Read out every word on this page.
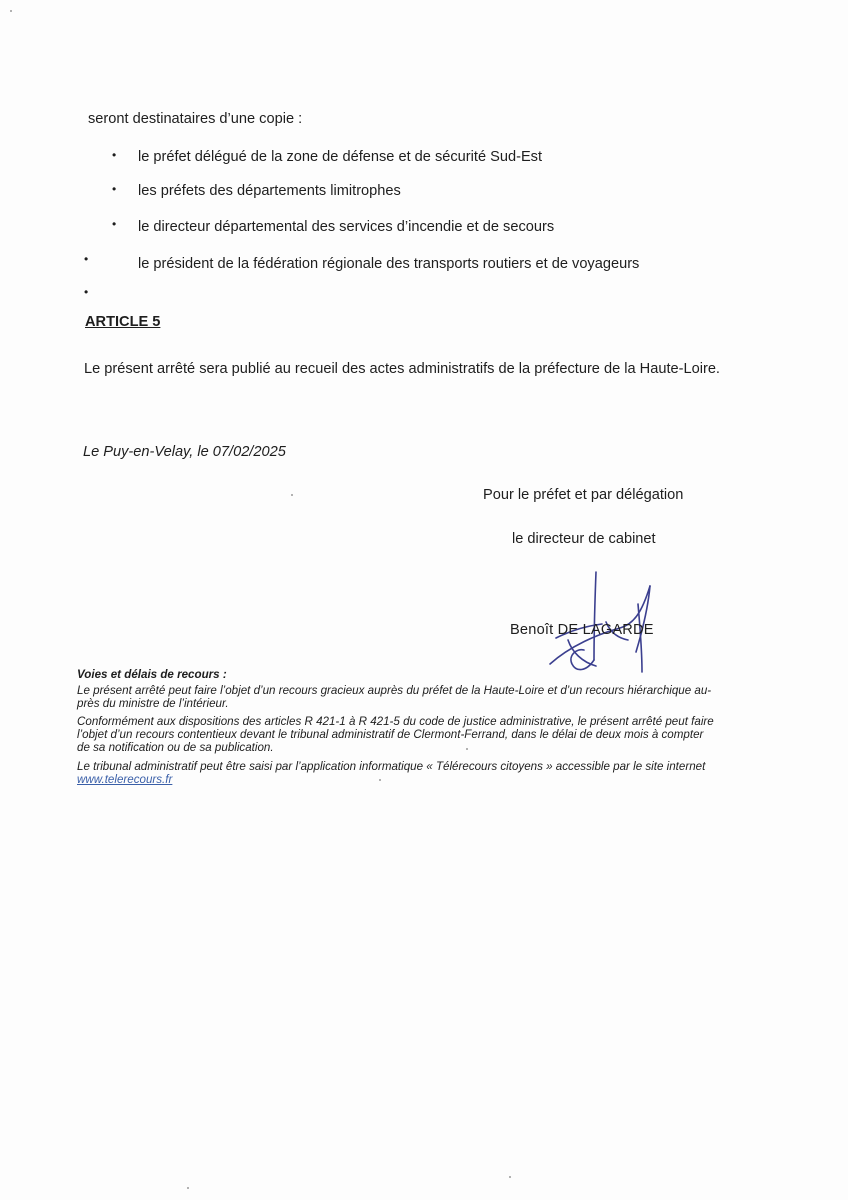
seront destinataires d’une copie :
• le préfet délégué de la zone de défense et de sécurité Sud-Est
• les préfets des départements limitrophes
• le directeur départemental des services d’incendie et de secours
•	le président de la fédération régionale des transports routiers et de voyageurs
•
ARTICLE 5
Le présent arrêté sera publié au recueil des actes administratifs de la préfecture de la Haute-Loire.
Le Puy-en-Velay, le 07/02/2025
Pour le préfet et par délégation
le directeur de cabinet
Benoît DE LAGARDE
Voies et délais de recours :
Le présent arrêté peut faire l’objet d’un recours gracieux auprès du préfet de la Haute-Loire et d’un recours hiérarchique au-
près du ministre de l’intérieur.
Conformément aux dispositions des articles R 421-1 à R 421-5 du code de justice administrative, le présent arrêté peut faire
l’objet d’un recours contentieux devant le tribunal administratif de Clermont-Ferrand, dans le délai de deux mois à compter
de sa notification ou de sa publication.
Le tribunal administratif peut être saisi par l’application informatique « Télérecours citoyens » accessible par le site internet
www.telerecours.fr
